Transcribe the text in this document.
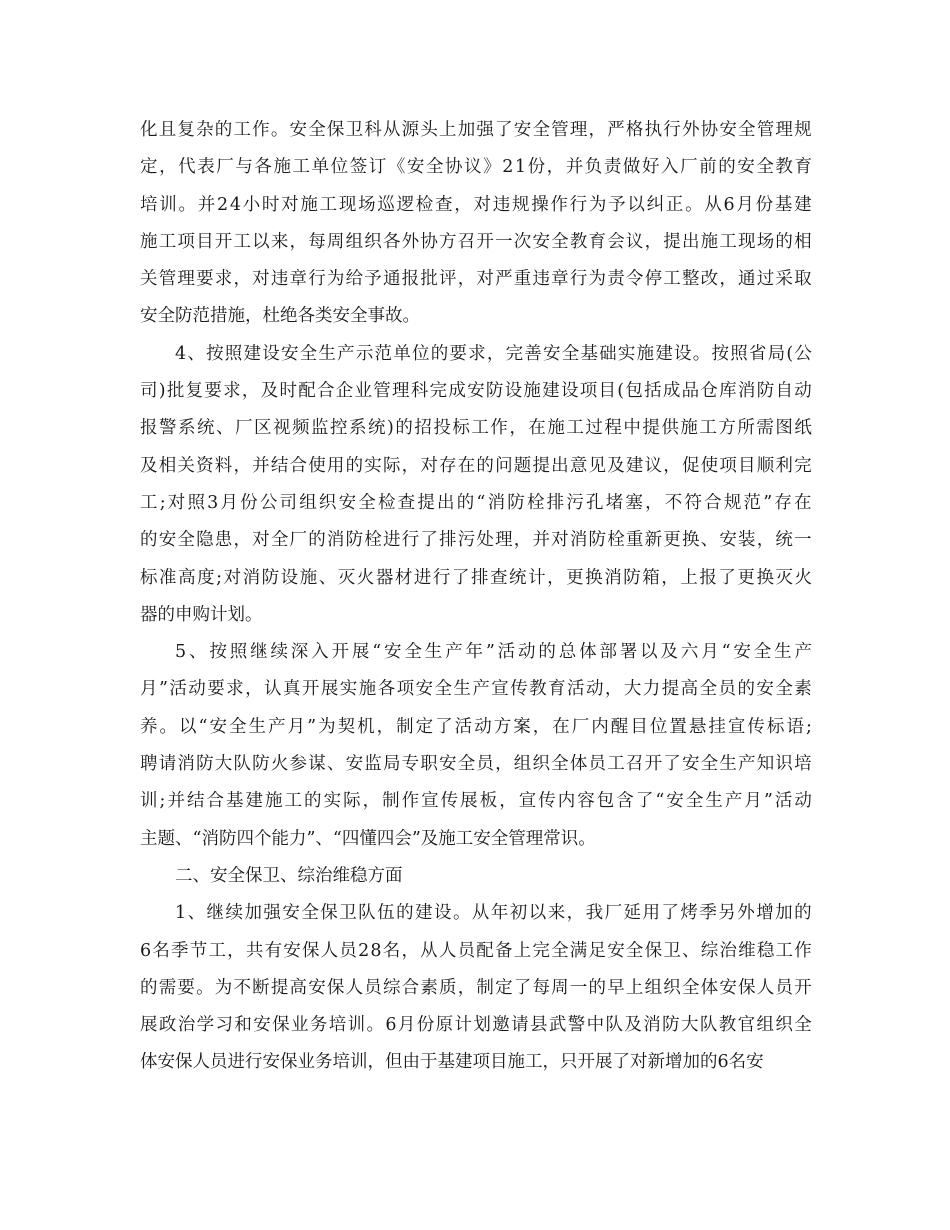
化 且 复 杂 的 工 作 。 安 全 保 卫 科 从 源 头 上 加 强 了 安 全 管 理 ， 严 格 执 行 外 协 安 全 管 理 规
定 ， 代 表 厂 与 各 施 工 单 位 签 订 《 安 全 协 议 》 2 1 份 ， 并 负 责 做 好 入 厂 前 的 安 全 教 育
培 训 。 并 2 4 小 时 对 施 工 现 场 巡 逻 检 查 ， 对 违 规 操 作 行 为 予 以 纠 正 。 从 6 月 份 基 建
施 工 项 目 开 工 以 来 ， 每 周 组 织 各 外 协 方 召 开 一 次 安 全 教 育 会 议 ， 提 出 施 工 现 场 的 相
关 管 理 要 求 ， 对 违 章 行 为 给 予 通 报 批 评 ， 对 严 重 违 章 行 为 责 令 停 工 整 改 ， 通 过 采 取
安全防范措施，杜绝各类安全事故。
4 、 按 照 建 设 安 全 生 产 示 范 单 位 的 要 求 ， 完 善 安 全 基 础 实 施 建 设 。 按 照 省 局 ( 公
司 ) 批 复 要 求 ， 及 时 配 合 企 业 管 理 科 完 成 安 防 设 施 建 设 项 目 ( 包 括 成 品 仓 库 消 防 自 动
报 警 系 统 、 厂 区 视 频 监 控 系 统 ) 的 招 投 标 工 作 ， 在 施 工 过 程 中 提 供 施 工 方 所 需 图 纸
及 相 关 资 料 ， 并 结 合 使 用 的 实 际 ， 对 存 在 的 问 题 提 出 意 见 及 建 议 ， 促 使 项 目 顺 利 完
工 ; 对 照 3 月 份 公 司 组 织 安 全 检 查 提 出 的 “ 消 防 栓 排 污 孔 堵 塞 ， 不 符 合 规 范 ” 存 在
的 安 全 隐 患 ， 对 全 厂 的 消 防 栓 进 行 了 排 污 处 理 ， 并 对 消 防 栓 重 新 更 换 、 安 装 ， 统 一
标 准 高 度 ; 对 消 防 设 施 、 灭 火 器 材 进 行 了 排 查 统 计 ， 更 换 消 防 箱 ， 上 报 了 更 换 灭 火
器的申购计划。
5 、 按 照 继 续 深 入 开 展 “ 安 全 生 产 年 ” 活 动 的 总 体 部 署 以 及 六 月 “ 安 全 生 产
月 ” 活 动 要 求 ， 认 真 开 展 实 施 各 项 安 全 生 产 宣 传 教 育 活 动 ， 大 力 提 高 全 员 的 安 全 素
养 。 以 “ 安 全 生 产 月 ” 为 契 机 ， 制 定 了 活 动 方 案 ， 在 厂 内 醒 目 位 置 悬 挂 宣 传 标 语 ;
聘 请 消 防 大 队 防 火 参 谋 、 安 监 局 专 职 安 全 员 ， 组 织 全 体 员 工 召 开 了 安 全 生 产 知 识 培
训 ; 并 结 合 基 建 施 工 的 实 际 ， 制 作 宣 传 展 板 ， 宣 传 内 容 包 含 了 “ 安 全 生 产 月 ” 活 动
主题、“消防四个能力”、“四懂四会”及施工安全管理常识。
二、安全保卫、综治维稳方面
1 、 继 续 加 强 安 全 保 卫 队 伍 的 建 设 。 从 年 初 以 来 ， 我 厂 延 用 了 烤 季 另 外 增 加 的
6 名 季 节 工 ， 共 有 安 保 人 员 2 8 名 ， 从 人 员 配 备 上 完 全 满 足 安 全 保 卫 、 综 治 维 稳 工 作
的 需 要 。 为 不 断 提 高 安 保 人 员 综 合 素 质 ， 制 定 了 每 周 一 的 早 上 组 织 全 体 安 保 人 员 开
展 政 治 学 习 和 安 保 业 务 培 训 。 6 月 份 原 计 划 邀 请 县 武 警 中 队 及 消 防 大 队 教 官 组 织 全
体安保人员进行安保业务培训，但由于基建项目施工，只开展了对新增加的6名安
